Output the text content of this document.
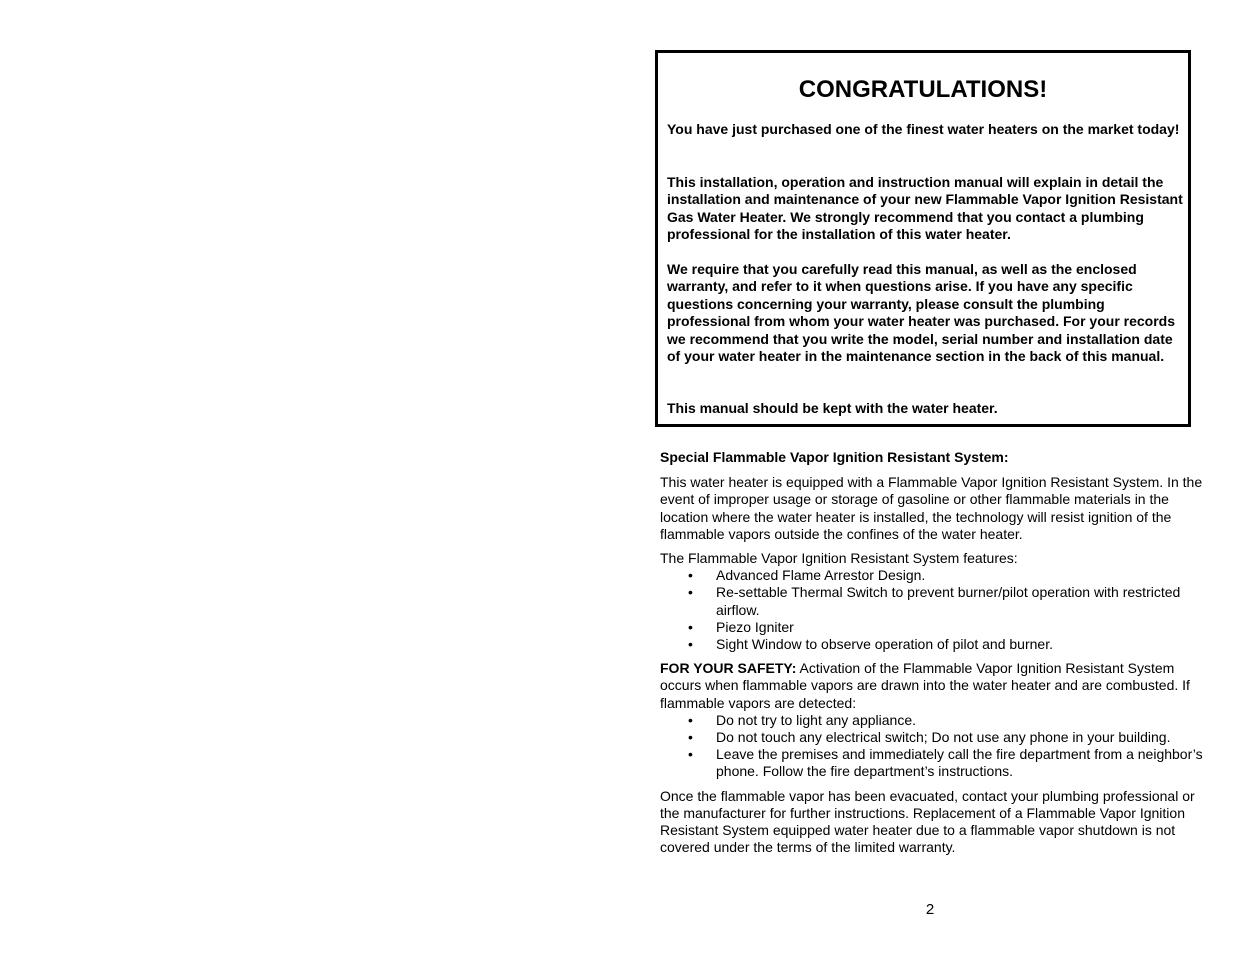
CONGRATULATIONS!

You have just purchased one of the finest water heaters on the market today!

This installation, operation and instruction manual will explain in detail the installation and maintenance of your new Flammable Vapor Ignition Resistant Gas Water Heater. We strongly recommend that you contact a plumbing professional for the installation of this water heater.

We require that you carefully read this manual, as well as the enclosed warranty, and refer to it when questions arise. If you have any specific questions concerning your warranty, please consult the plumbing professional from whom your water heater was purchased. For your records we recommend that you write the model, serial number and installation date of your water heater in the maintenance section in the back of this manual.

This manual should be kept with the water heater.

Special Flammable Vapor Ignition Resistant System:

This water heater is equipped with a Flammable Vapor Ignition Resistant System. In the event of improper usage or storage of gasoline or other flammable materials in the location where the water heater is installed, the technology will resist ignition of the flammable vapors outside the confines of the water heater.

The Flammable Vapor Ignition Resistant System features:

• Advanced Flame Arrestor Design.
• Re-settable Thermal Switch to prevent burner/pilot operation with restricted airflow.
• Piezo Igniter
• Sight Window to observe operation of pilot and burner.

FOR YOUR SAFETY: Activation of the Flammable Vapor Ignition Resistant System occurs when flammable vapors are drawn into the water heater and are combusted. If flammable vapors are detected:

• Do not try to light any appliance.
• Do not touch any electrical switch; Do not use any phone in your building.
• Leave the premises and immediately call the fire department from a neighbor’s phone. Follow the fire department’s instructions.

Once the flammable vapor has been evacuated, contact your plumbing professional or the manufacturer for further instructions. Replacement of a Flammable Vapor Ignition Resistant System equipped water heater due to a flammable vapor shutdown is not covered under the terms of the limited warranty.

2
